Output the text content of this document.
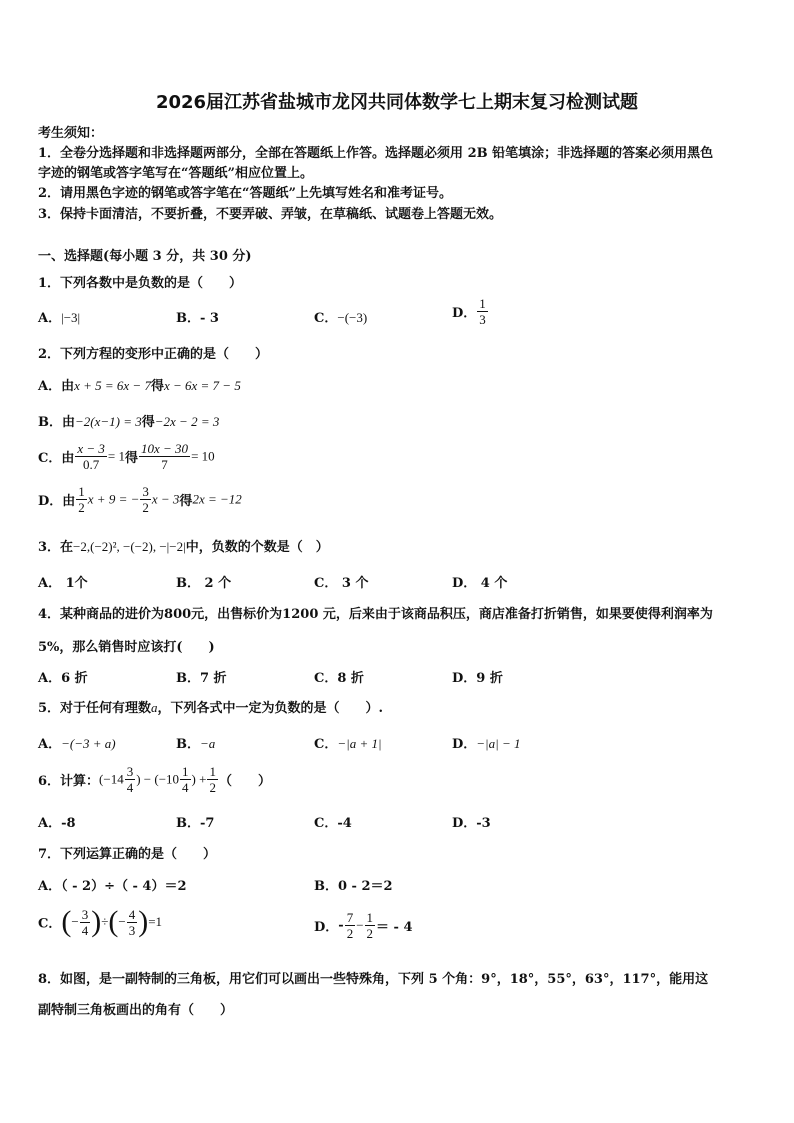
2026届江苏省盐城市龙冈共同体数学七上期末复习检测试题
考生须知：
1．全卷分选择题和非选择题两部分，全部在答题纸上作答。选择题必须用 2B 铅笔填涂；非选择题的答案必须用黑色
字迹的钢笔或答字笔写在“答题纸”相应位置上。
2．请用黑色字迹的钢笔或答字笔在“答题纸”上先填写姓名和准考证号。
3．保持卡面清洁，不要折叠，不要弄破、弄皱，在草稿纸、试题卷上答题无效。
一、选择题(每小题 3 分，共 30 分)
1．下列各数中是负数的是（　　）
A．|−3|	B．- 3	C．−(−3)	D． $\frac{1}{3}$
2．下列方程的变形中正确的是（　　）
A．由x + 5 = 6x − 7得x − 6x = 7 − 5
B．由−2(x−1) = 3得−2x − 2 = 3
C．由 $\frac{x - 3}{0.7} = 1$得 $\frac{10x - 30}{7} = 10$
D．由 $\frac{1}{2}$ x + 9 = − $\frac{3}{2}$ x − 3得2x = −12
3．在−2,(−2)², −(−2), −|−2|中，负数的个数是（　）
A． 1个	B． 2 个	C． 3 个	D． 4 个
4．某种商品的进价为800元，出售标价为1200 元，后来由于该商品积压，商店准备打折销售，如果要使得利润率为
5%，那么销售时应该打(　　)
A．6 折	B．7 折	C．8 折	D．9 折
5．对于任何有理数a，下列各式中一定为负数的是（　　）.
A．−(−3 + a)	B．−a	C．−|a + 1|	D．−|a| − 1
6．计算：($-14 \frac{3}{4}$ ) − ($-10 \frac{1}{4}$ ) + $\frac{1}{2}$ （　　）
A．-8	B．-7	C．-4	D．-3
7．下列运算正确的是（　　）
A．（ - 2）÷（ - 4）＝2	B．0 - 2＝2
C．(− $\frac{3}{4}$ )÷(− $\frac{4}{3} )=1$	D．- $\frac{7}{2} - \frac{1}{2}$ ＝ - 4
8．如图，是一副特制的三角板，用它们可以画出一些特殊角，下列 5 个角：9°，18°，55°，63°，117°，能用这
副特制三角板画出的角有（　　）
